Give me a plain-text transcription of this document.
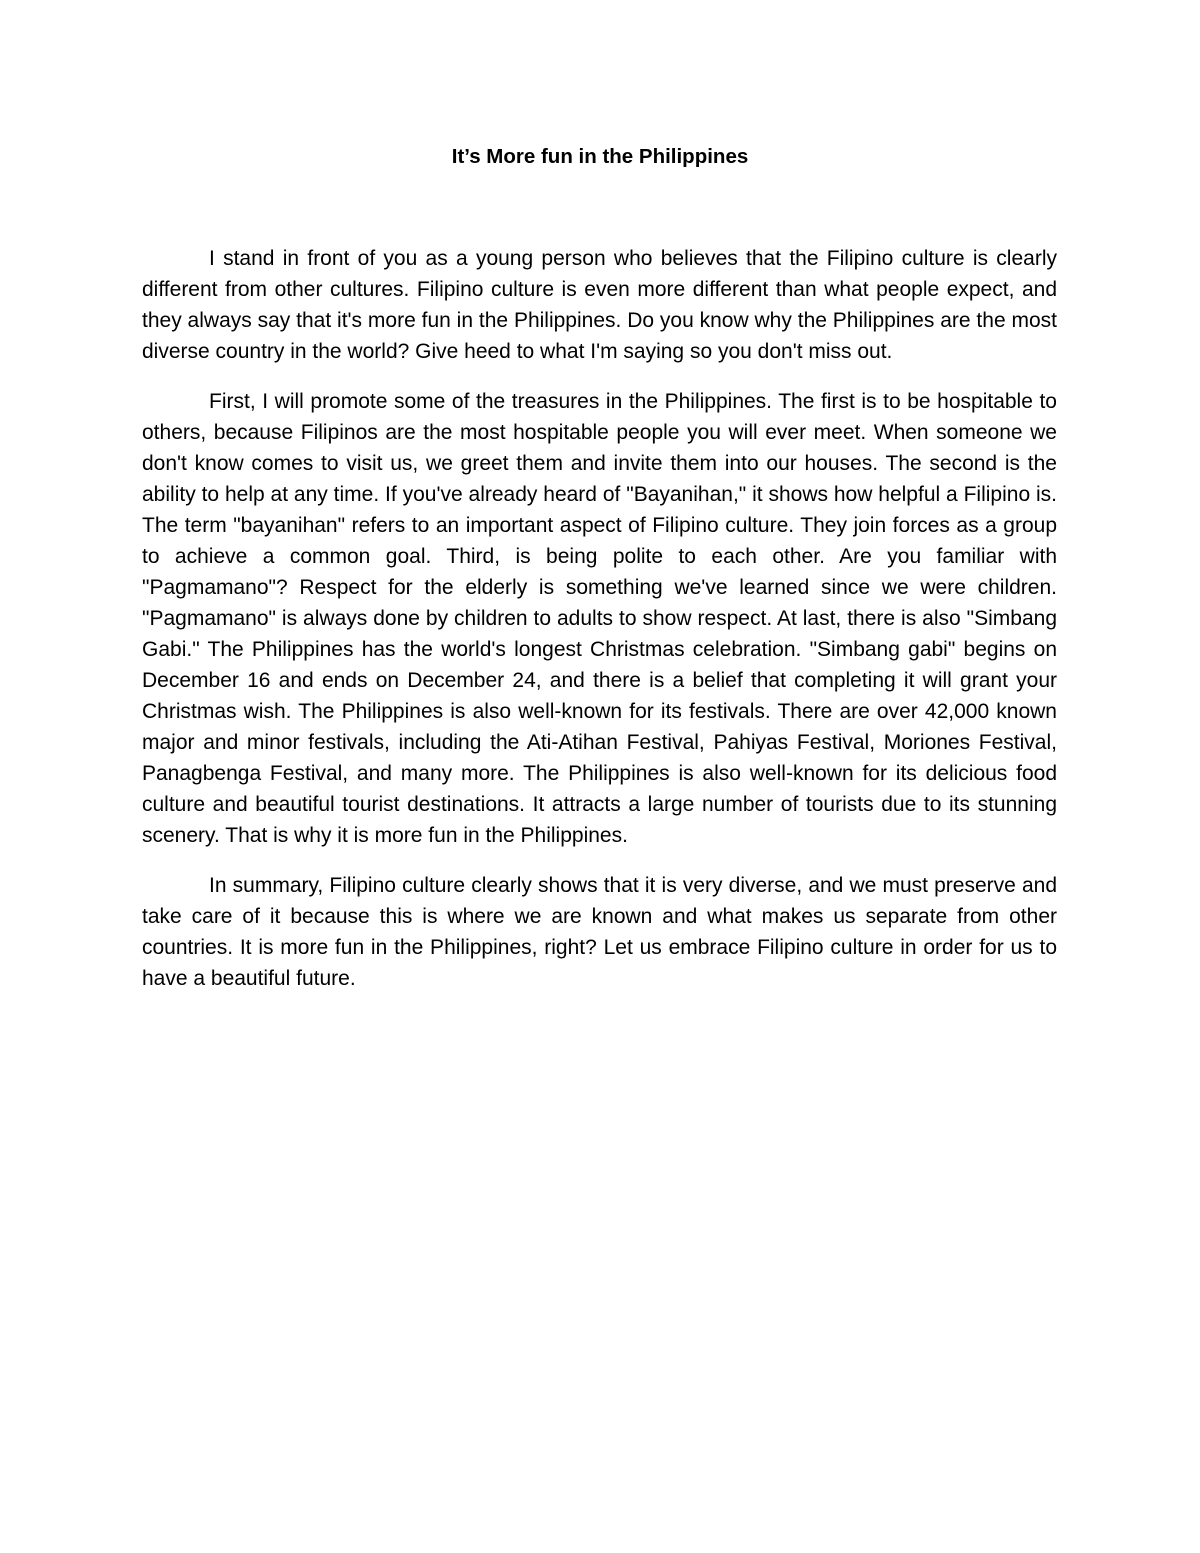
It’s More fun in the Philippines

I stand in front of you as a young person who believes that the Filipino culture is clearly different from other cultures. Filipino culture is even more different than what people expect, and they always say that it's more fun in the Philippines. Do you know why the Philippines are the most diverse country in the world? Give heed to what I'm saying so you don't miss out.

First, I will promote some of the treasures in the Philippines. The first is to be hospitable to others, because Filipinos are the most hospitable people you will ever meet. When someone we don't know comes to visit us, we greet them and invite them into our houses. The second is the ability to help at any time. If you've already heard of "Bayanihan," it shows how helpful a Filipino is. The term "bayanihan" refers to an important aspect of Filipino culture. They join forces as a group to achieve a common goal. Third, is being polite to each other. Are you familiar with "Pagmamano"? Respect for the elderly is something we've learned since we were children. "Pagmamano" is always done by children to adults to show respect. At last, there is also "Simbang Gabi." The Philippines has the world's longest Christmas celebration. "Simbang gabi" begins on December 16 and ends on December 24, and there is a belief that completing it will grant your Christmas wish. The Philippines is also well-known for its festivals. There are over 42,000 known major and minor festivals, including the Ati-Atihan Festival, Pahiyas Festival, Moriones Festival, Panagbenga Festival, and many more. The Philippines is also well-known for its delicious food culture and beautiful tourist destinations. It attracts a large number of tourists due to its stunning scenery. That is why it is more fun in the Philippines.

In summary, Filipino culture clearly shows that it is very diverse, and we must preserve and take care of it because this is where we are known and what makes us separate from other countries. It is more fun in the Philippines, right? Let us embrace Filipino culture in order for us to have a beautiful future.
